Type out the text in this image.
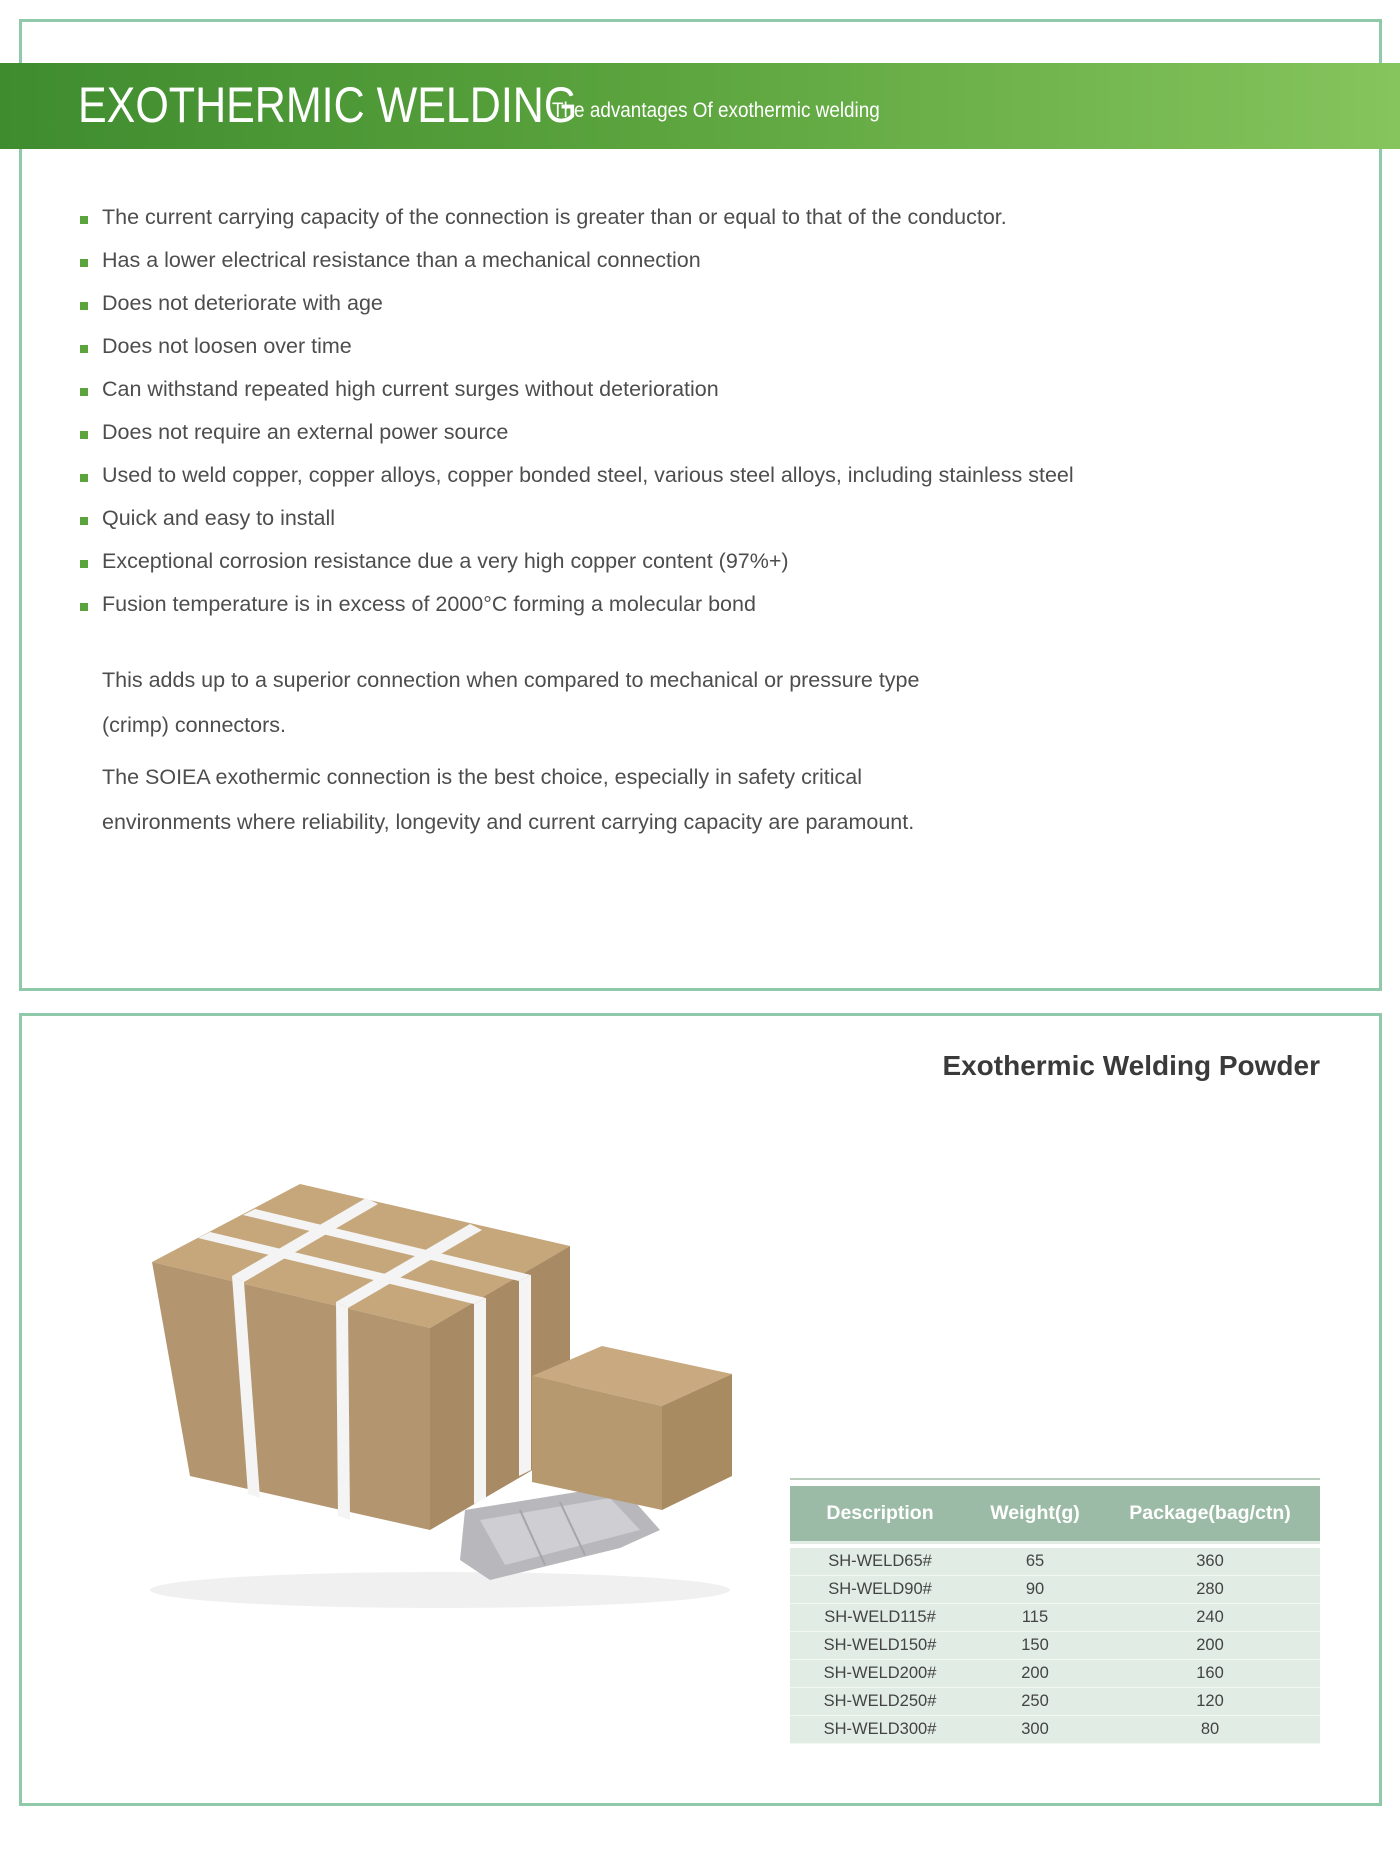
EXOTHERMIC WELDING
The advantages Of exothermic welding
The current carrying capacity of the connection is greater than or equal to that of the conductor.
Has a lower electrical resistance than a mechanical connection
Does not deteriorate with age
Does not loosen over time
Can withstand repeated high current surges without deterioration
Does not require an external power source
Used to weld copper, copper alloys, copper bonded steel, various steel alloys, including stainless steel
Quick and easy to install
Exceptional corrosion resistance due a very high copper content (97%+)
Fusion temperature is in excess of 2000°C forming a molecular bond
This adds up to a superior connection when compared to mechanical or pressure type
(crimp) connectors.
The SOIEA exothermic connection is the best choice, especially in safety critical
environments where reliability, longevity and current carrying capacity are paramount.
Exothermic Welding Powder
Description	Weight(g)	Package(bag/ctn)
SH-WELD65#	65	360
SH-WELD90#	90	280
SH-WELD115#	115	240
SH-WELD150#	150	200
SH-WELD200#	200	160
SH-WELD250#	250	120
SH-WELD300#	300	80
